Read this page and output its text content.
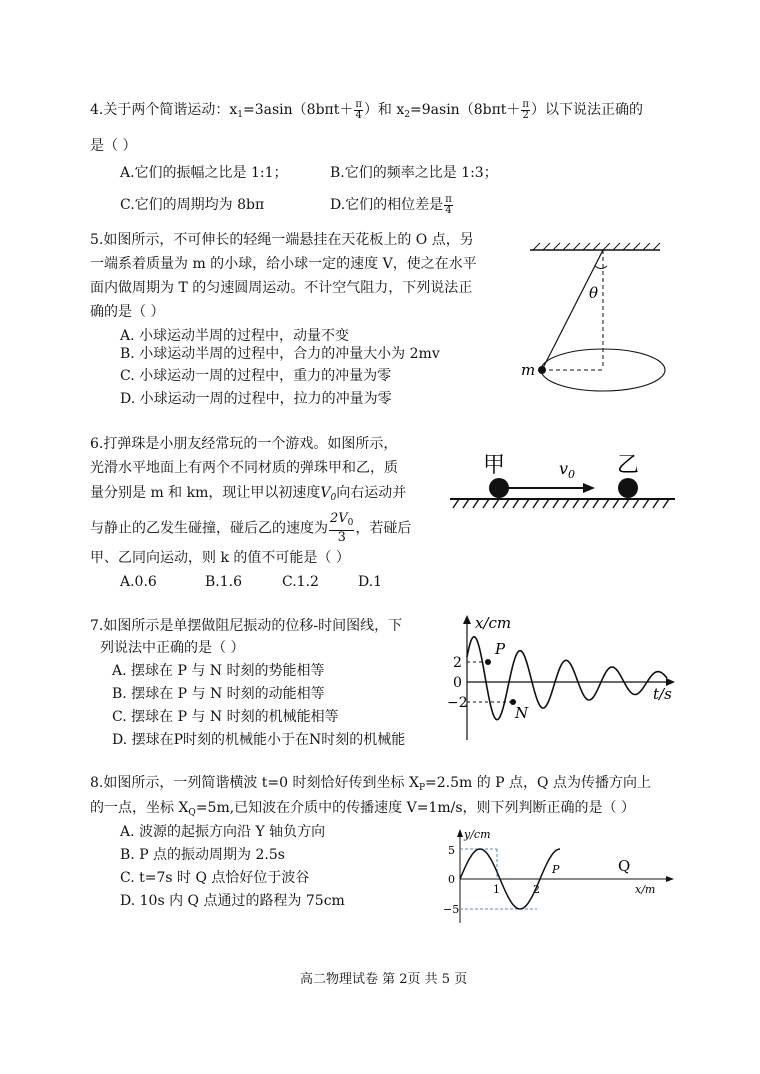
4.关于两个简谐运动：$x_1=3asin(8b\pi t+ \frac{\pi}{4}$ ）和 $x_2=9asin(8b\pi t+ \frac{\pi}{2}$ ）以下说法正确的
是（ ）
A.它们的振幅之比是 1:1；	B.它们的频率之比是 1:3；
C.它们的周期均为 8bπ	D.它们的相位差是 $\frac{\pi}{4}$
5.如图所示，不可伸长的轻绳一端悬挂在天花板上的 O 点，另
一端系着质量为 m 的小球，给小球一定的速度 V，使之在水平
面内做周期为 T 的匀速圆周运动。不计空气阻力，下列说法正
确的是（ ）
A. 小球运动半周的过程中，动量不变
B. 小球运动半周的过程中，合力的冲量大小为 2mv
C. 小球运动一周的过程中，重力的冲量为零
D. 小球运动一周的过程中，拉力的冲量为零
θ
m
6.打弹珠是小朋友经常玩的一个游戏。如图所示，
光滑水平地面上有两个不同材质的弹珠甲和乙，质
量分别是 m 和 km，现让甲以初速度$V_0$向右运动并
与静止的乙发生碰撞，碰后乙的速度为 $\frac{2V_0}{3}$ ，若碰后
甲、乙同向运动，则 k 的值不可能是（ ）
A.0.6	B.1.6	C.1.2	D.1
甲	乙
$v_0$
7.如图所示是单摆做阻尼振动的位移-时间图线，下
列说法中正确的是（ ）
A. 摆球在 P 与 N 时刻的势能相等
B. 摆球在 P 与 N 时刻的动能相等
C. 摆球在 P 与 N 时刻的机械能相等
D. 摆球在P时刻的机械能小于在N时刻的机械能
x/cm
t/s
2
0
−2
P
N
8.如图所示，一列简谐横波 t=0 时刻恰好传到坐标 $X_P=2.5m$ 的 P 点，Q 点为传播方向上
的一点，坐标 $X_Q=5m$,已知波在介质中的传播速度 V=1m/s，则下列判断正确的是（ ）
A. 波源的起振方向沿 Y 轴负方向
B. P 点的振动周期为 2.5s
C. t=7s 时 Q 点恰好位于波谷
D. 10s 内 Q 点通过的路程为 75cm
y/cm
x/m
5
0
−5
1	2
P	Q
高二物理试卷 第 2页 共 5 页
